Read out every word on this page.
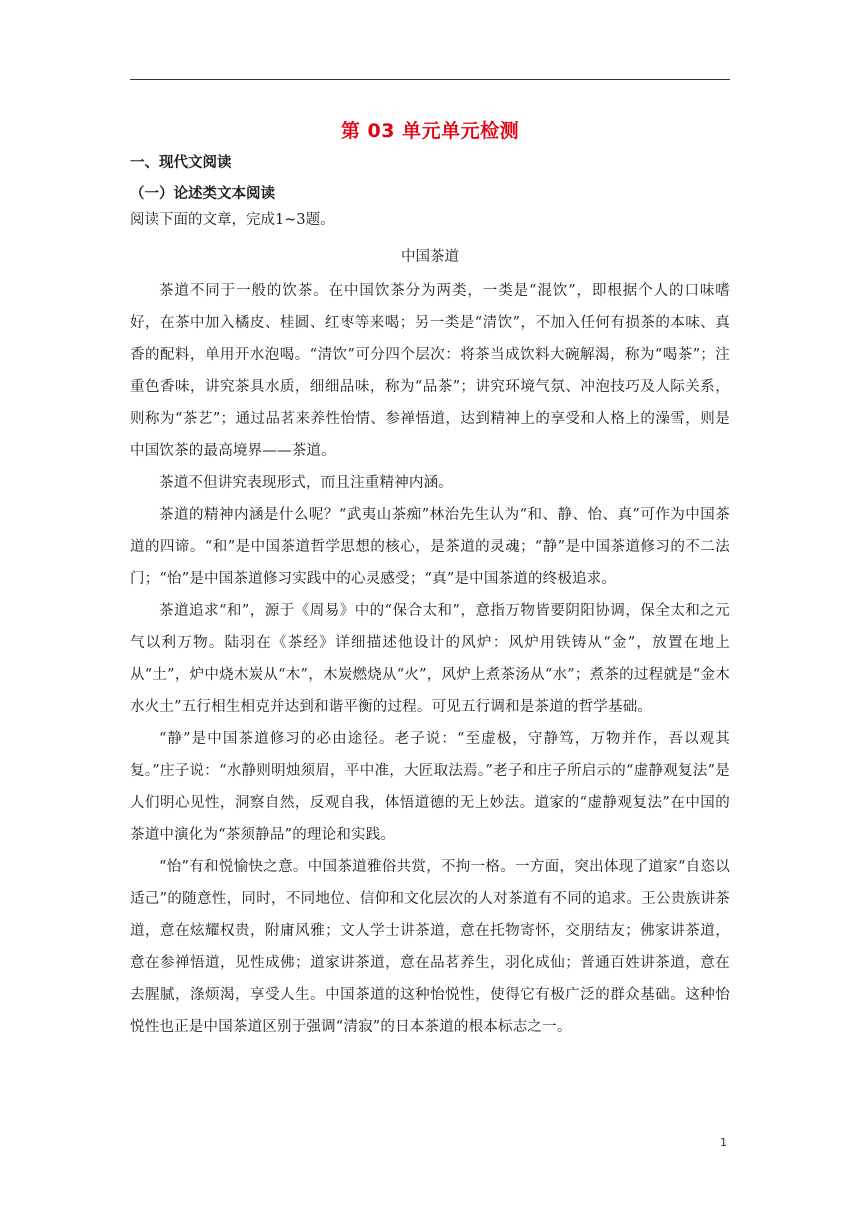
第 03 单元单元检测
一、现代文阅读
（一）论述类文本阅读
阅读下面的文章，完成1~3题。
中国茶道

茶道不同于一般的饮茶。在中国饮茶分为两类，一类是“混饮”，即根据个人的口味嗜好，在茶中加入橘皮、桂圆、红枣等来喝；另一类是“清饮”，不加入任何有损茶的本味、真香的配料，单用开水泡喝。“清饮”可分四个层次：将茶当成饮料大碗解渴，称为“喝茶”；注重色香味，讲究茶具水质，细细品味，称为“品茶”；讲究环境气氛、冲泡技巧及人际关系，则称为“茶艺”；通过品茗来养性怡情、参禅悟道，达到精神上的享受和人格上的澡雪，则是中国饮茶的最高境界——茶道。

茶道不但讲究表现形式，而且注重精神内涵。

茶道的精神内涵是什么呢？“武夷山茶痴”林治先生认为“和、静、怡、真”可作为中国茶道的四谛。“和”是中国茶道哲学思想的核心，是茶道的灵魂；“静”是中国茶道修习的不二法门；“怡”是中国茶道修习实践中的心灵感受；“真”是中国茶道的终极追求。

茶道追求“和”，源于《周易》中的“保合太和”，意指万物皆要阴阳协调，保全太和之元气以利万物。陆羽在《茶经》详细描述他设计的风炉：风炉用铁铸从“金”，放置在地上从“土”，炉中烧木炭从“木”，木炭燃烧从“火”，风炉上煮茶汤从“水”；煮茶的过程就是“金木水火土”五行相生相克并达到和谐平衡的过程。可见五行调和是茶道的哲学基础。

“静”是中国茶道修习的必由途径。老子说：“至虚极，守静笃，万物并作，吾以观其复。”庄子说：“水静则明烛须眉，平中准，大匠取法焉。”老子和庄子所启示的“虚静观复法”是人们明心见性，洞察自然，反观自我，体悟道德的无上妙法。道家的“虚静观复法”在中国的茶道中演化为“茶须静品”的理论和实践。

“怡”有和悦愉快之意。中国茶道雅俗共赏，不拘一格。一方面，突出体现了道家“自恣以适己”的随意性，同时，不同地位、信仰和文化层次的人对茶道有不同的追求。王公贵族讲茶道，意在炫耀权贵，附庸风雅；文人学士讲茶道，意在托物寄怀，交朋结友；佛家讲茶道，意在参禅悟道，见性成佛；道家讲茶道，意在品茗养生，羽化成仙；普通百姓讲茶道，意在去腥腻，涤烦渴，享受人生。中国茶道的这种怡悦性，使得它有极广泛的群众基础。这种怡悦性也正是中国茶道区别于强调“清寂”的日本茶道的根本标志之一。

1
